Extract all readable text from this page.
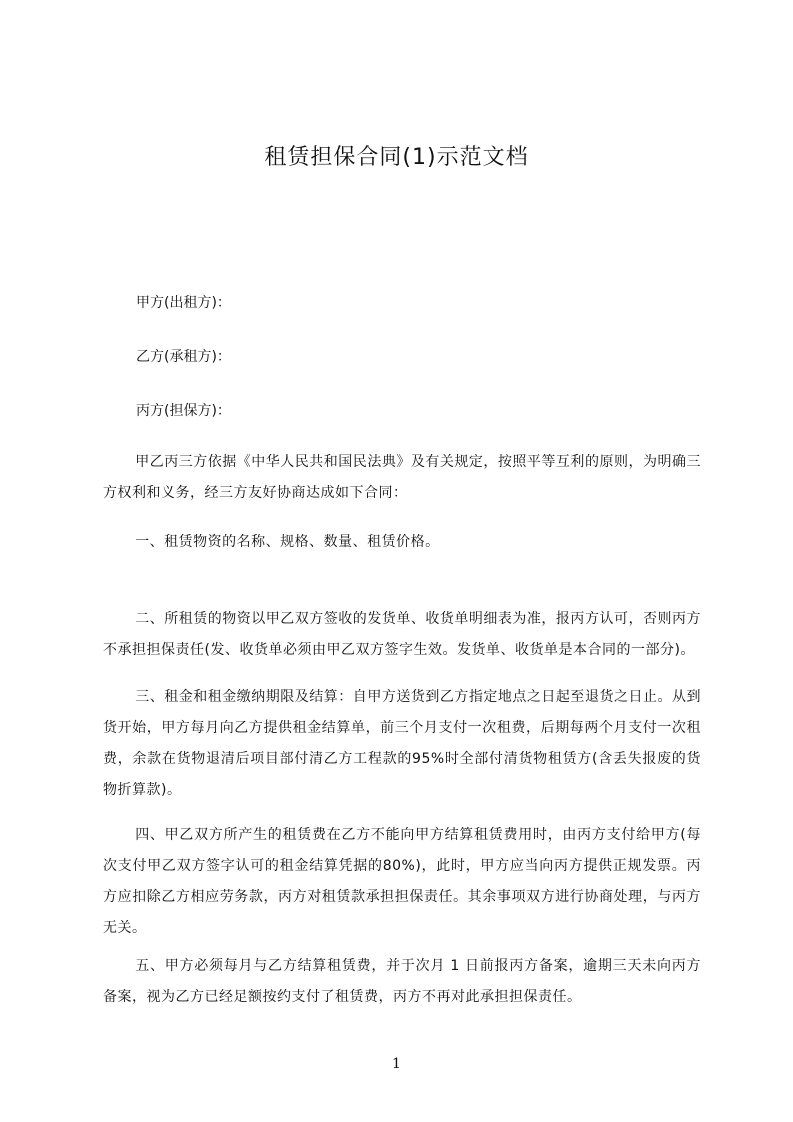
租赁担保合同(1)示范文档

甲方(出租方)：

乙方(承租方)：

丙方(担保方)：

甲乙丙三方依据《中华人民共和国民法典》及有关规定，按照平等互利的原则，为明确三方权利和义务，经三方友好协商达成如下合同：

一、租赁物资的名称、规格、数量、租赁价格。

二、所租赁的物资以甲乙双方签收的发货单、收货单明细表为准，报丙方认可，否则丙方不承担担保责任(发、收货单必须由甲乙双方签字生效。发货单、收货单是本合同的一部分)。

三、租金和租金缴纳期限及结算：自甲方送货到乙方指定地点之日起至退货之日止。从到货开始，甲方每月向乙方提供租金结算单，前三个月支付一次租费，后期每两个月支付一次租费，余款在货物退清后项目部付清乙方工程款的95%时全部付清货物租赁方(含丢失报废的货物折算款)。

四、甲乙双方所产生的租赁费在乙方不能向甲方结算租赁费用时，由丙方支付给甲方(每次支付甲乙双方签字认可的租金结算凭据的80%)，此时，甲方应当向丙方提供正规发票。丙方应扣除乙方相应劳务款，丙方对租赁款承担担保责任。其余事项双方进行协商处理，与丙方无关。

五、甲方必须每月与乙方结算租赁费，并于次月 1 日前报丙方备案，逾期三天未向丙方备案，视为乙方已经足额按约支付了租赁费，丙方不再对此承担担保责任。

1
